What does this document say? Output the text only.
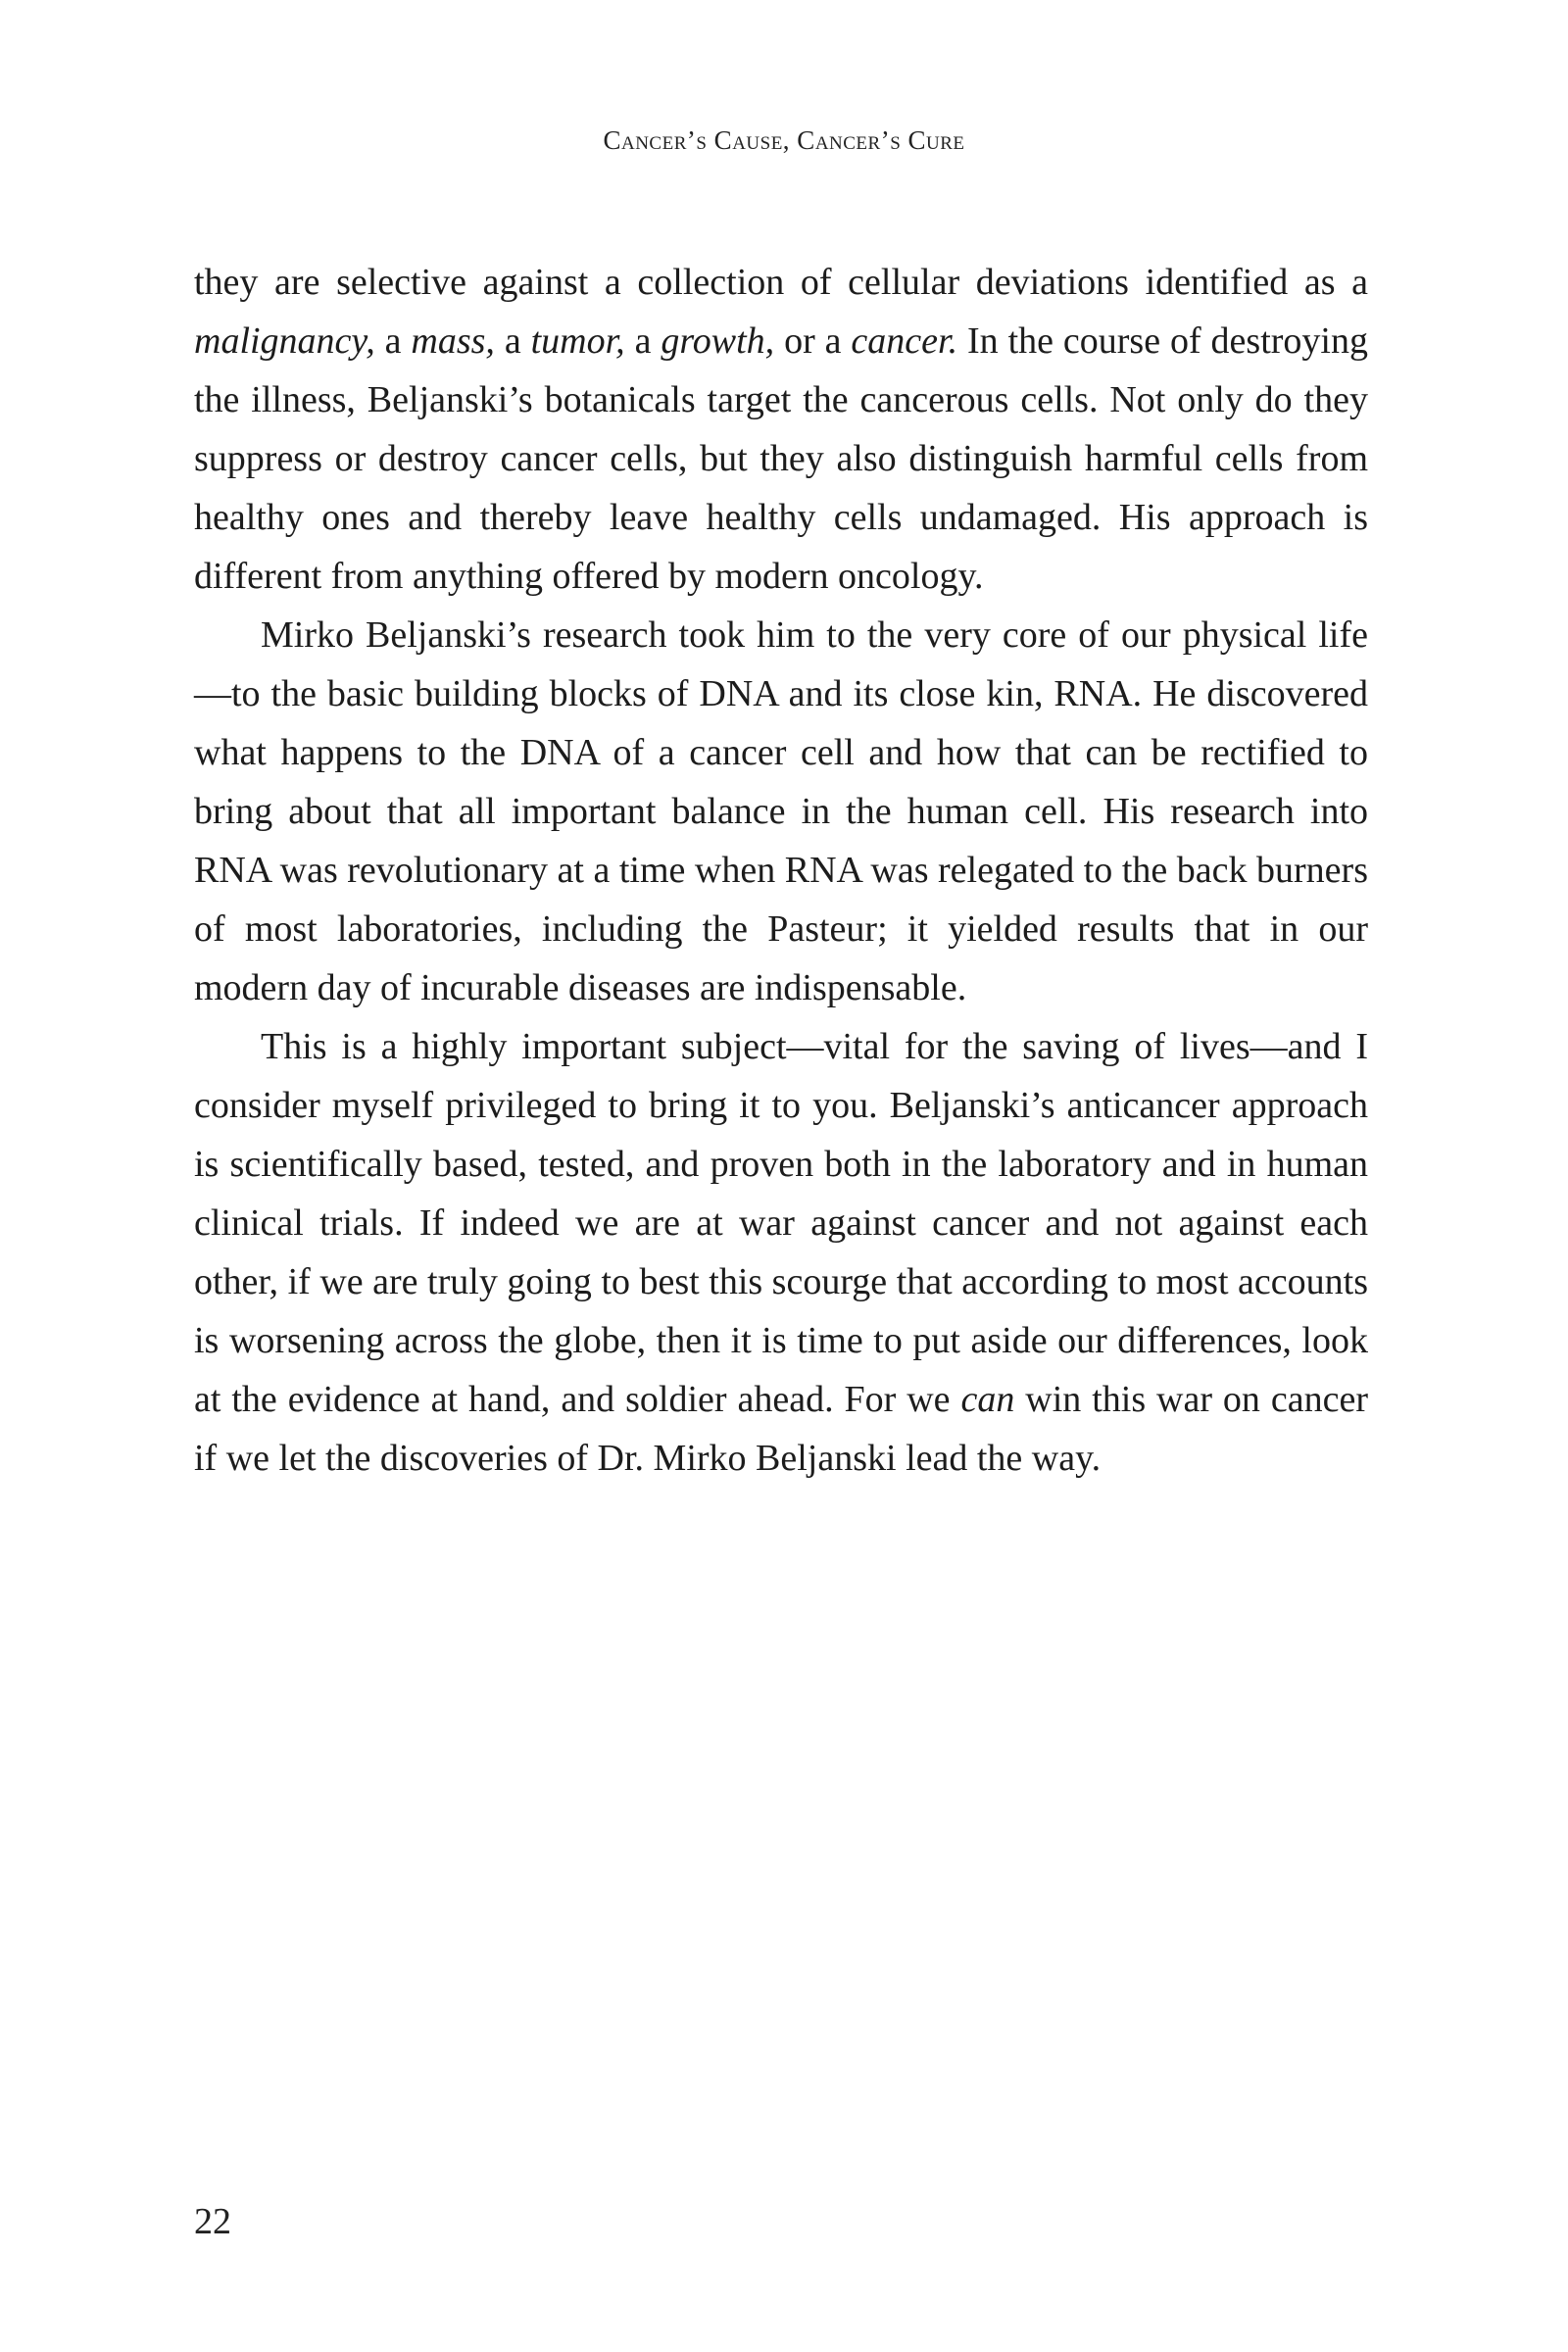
Cancer’s Cause, Cancer’s Cure

they are selective against a collection of cellular deviations identified as a malignancy, a mass, a tumor, a growth, or a cancer. In the course of destroying the illness, Beljanski’s botanicals target the cancerous cells. Not only do they suppress or destroy cancer cells, but they also distinguish harmful cells from healthy ones and thereby leave healthy cells undamaged. His approach is different from anything offered by modern oncology.

Mirko Beljanski’s research took him to the very core of our physical life—to the basic building blocks of DNA and its close kin, RNA. He discovered what happens to the DNA of a cancer cell and how that can be rectified to bring about that all important balance in the human cell. His research into RNA was revolutionary at a time when RNA was relegated to the back burners of most laboratories, including the Pasteur; it yielded results that in our modern day of incurable diseases are indispensable.

This is a highly important subject—vital for the saving of lives—and I consider myself privileged to bring it to you. Beljanski’s anticancer approach is scientifically based, tested, and proven both in the laboratory and in human clinical trials. If indeed we are at war against cancer and not against each other, if we are truly going to best this scourge that according to most accounts is worsening across the globe, then it is time to put aside our differences, look at the evidence at hand, and soldier ahead. For we can win this war on cancer if we let the discoveries of Dr. Mirko Beljanski lead the way.

22
